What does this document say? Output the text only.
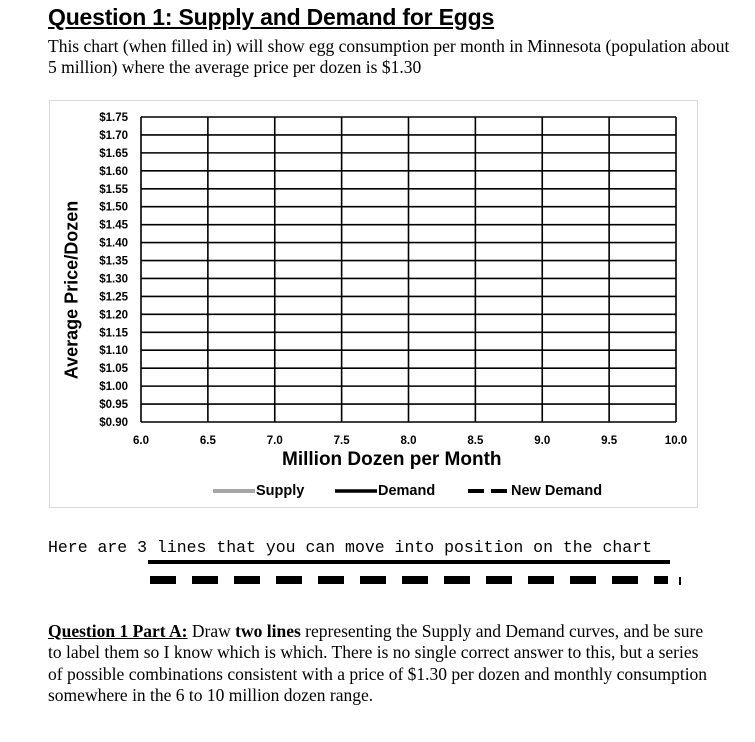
Question 1: Supply and Demand for Eggs

This chart (when filled in) will show egg consumption per month in Minnesota (population about 5 million) where the average price per dozen is $1.30

$1.75
$1.70
$1.65
$1.60
$1.55
$1.50
$1.45
$1.40
$1.35
$1.30
$1.25
$1.20
$1.15
$1.10
$1.05
$1.00
$0.95
$0.90
6.0	6.5	7.0	7.5	8.0	8.5	9.0	9.5	10.0
Average Price/Dozen
Million Dozen per Month
Supply	Demand	New Demand

Here are 3 lines that you can move into position on the chart

Question 1 Part A: Draw two lines representing the Supply and Demand curves, and be sure to label them so I know which is which. There is no single correct answer to this, but a series of possible combinations consistent with a price of $1.30 per dozen and monthly consumption somewhere in the 6 to 10 million dozen range.
